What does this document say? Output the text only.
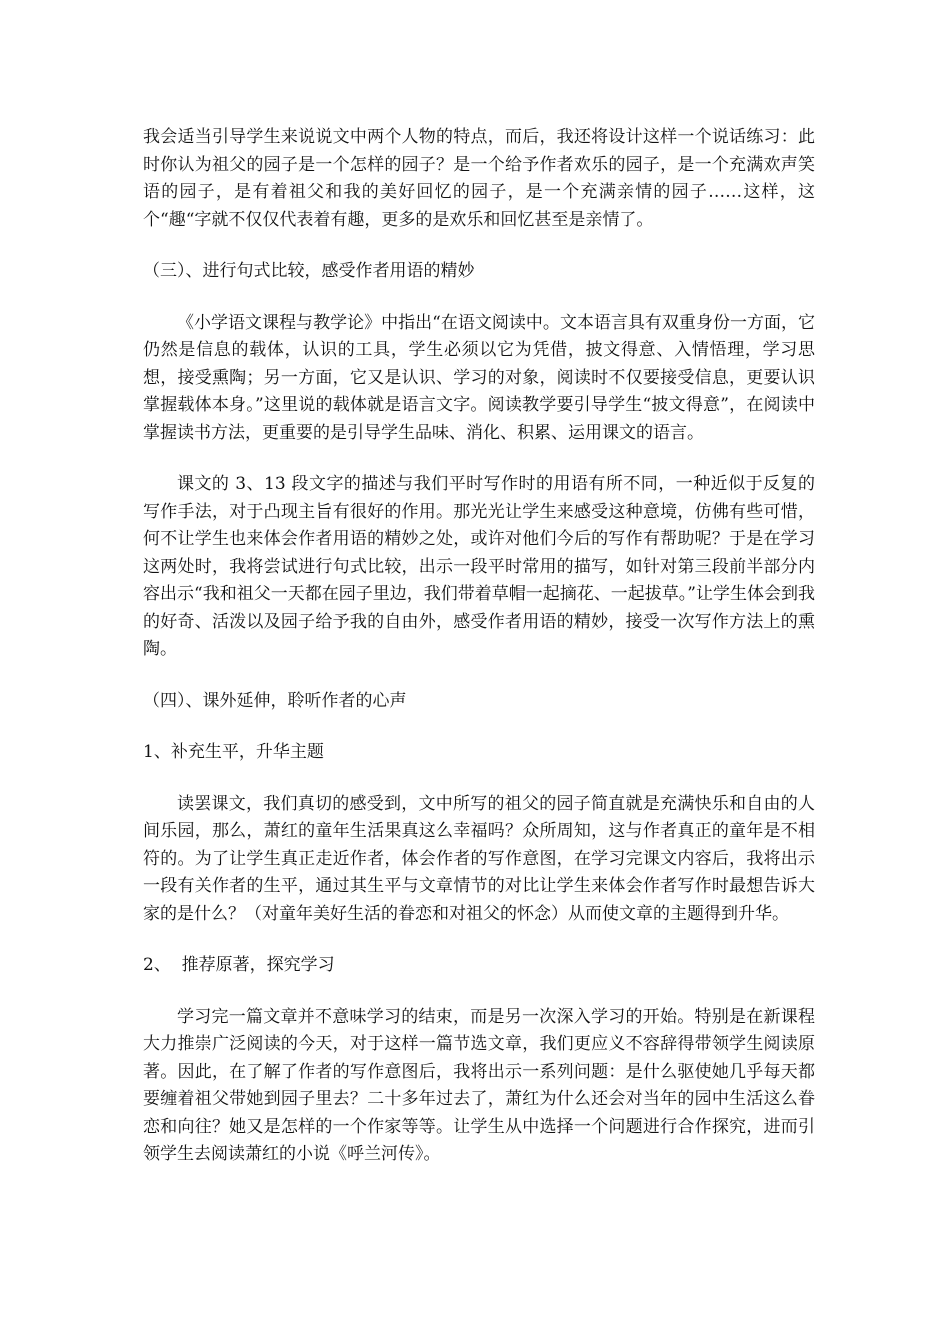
我会适当引导学生来说说文中两个人物的特点，而后，我还将设计这样一个说话练习：此时你认为祖父的园子是一个怎样的园子？是一个给予作者欢乐的园子，是一个充满欢声笑语的园子，是有着祖父和我的美好回忆的园子，是一个充满亲情的园子……这样，这个“趣“字就不仅仅代表着有趣，更多的是欢乐和回忆甚至是亲情了。

（三）、进行句式比较，感受作者用语的精妙

《小学语文课程与教学论》中指出“在语文阅读中。文本语言具有双重身份一方面，它仍然是信息的载体，认识的工具，学生必须以它为凭借，披文得意、入情悟理，学习思想，接受熏陶；另一方面，它又是认识、学习的对象，阅读时不仅要接受信息，更要认识掌握载体本身。”这里说的载体就是语言文字。阅读教学要引导学生“披文得意”，在阅读中掌握读书方法，更重要的是引导学生品味、消化、积累、运用课文的语言。

课文的 3、13 段文字的描述与我们平时写作时的用语有所不同，一种近似于反复的写作手法，对于凸现主旨有很好的作用。那光光让学生来感受这种意境，仿佛有些可惜，何不让学生也来体会作者用语的精妙之处，或许对他们今后的写作有帮助呢？于是在学习这两处时，我将尝试进行句式比较，出示一段平时常用的描写，如针对第三段前半部分内容出示“我和祖父一天都在园子里边，我们带着草帽一起摘花、一起拔草。”让学生体会到我的好奇、活泼以及园子给予我的自由外，感受作者用语的精妙，接受一次写作方法上的熏陶。

（四）、课外延伸，聆听作者的心声

1、补充生平，升华主题

读罢课文，我们真切的感受到，文中所写的祖父的园子简直就是充满快乐和自由的人间乐园，那么，萧红的童年生活果真这么幸福吗？众所周知，这与作者真正的童年是不相符的。为了让学生真正走近作者，体会作者的写作意图，在学习完课文内容后，我将出示一段有关作者的生平，通过其生平与文章情节的对比让学生来体会作者写作时最想告诉大家的是什么？（对童年美好生活的眷恋和对祖父的怀念）从而使文章的主题得到升华。

2、  推荐原著，探究学习

学习完一篇文章并不意味学习的结束，而是另一次深入学习的开始。特别是在新课程大力推崇广泛阅读的今天，对于这样一篇节选文章，我们更应义不容辞得带领学生阅读原著。因此，在了解了作者的写作意图后，我将出示一系列问题：是什么驱使她几乎每天都要缠着祖父带她到园子里去？二十多年过去了，萧红为什么还会对当年的园中生活这么眷恋和向往？她又是怎样的一个作家等等。让学生从中选择一个问题进行合作探究，进而引领学生去阅读萧红的小说《呼兰河传》。
